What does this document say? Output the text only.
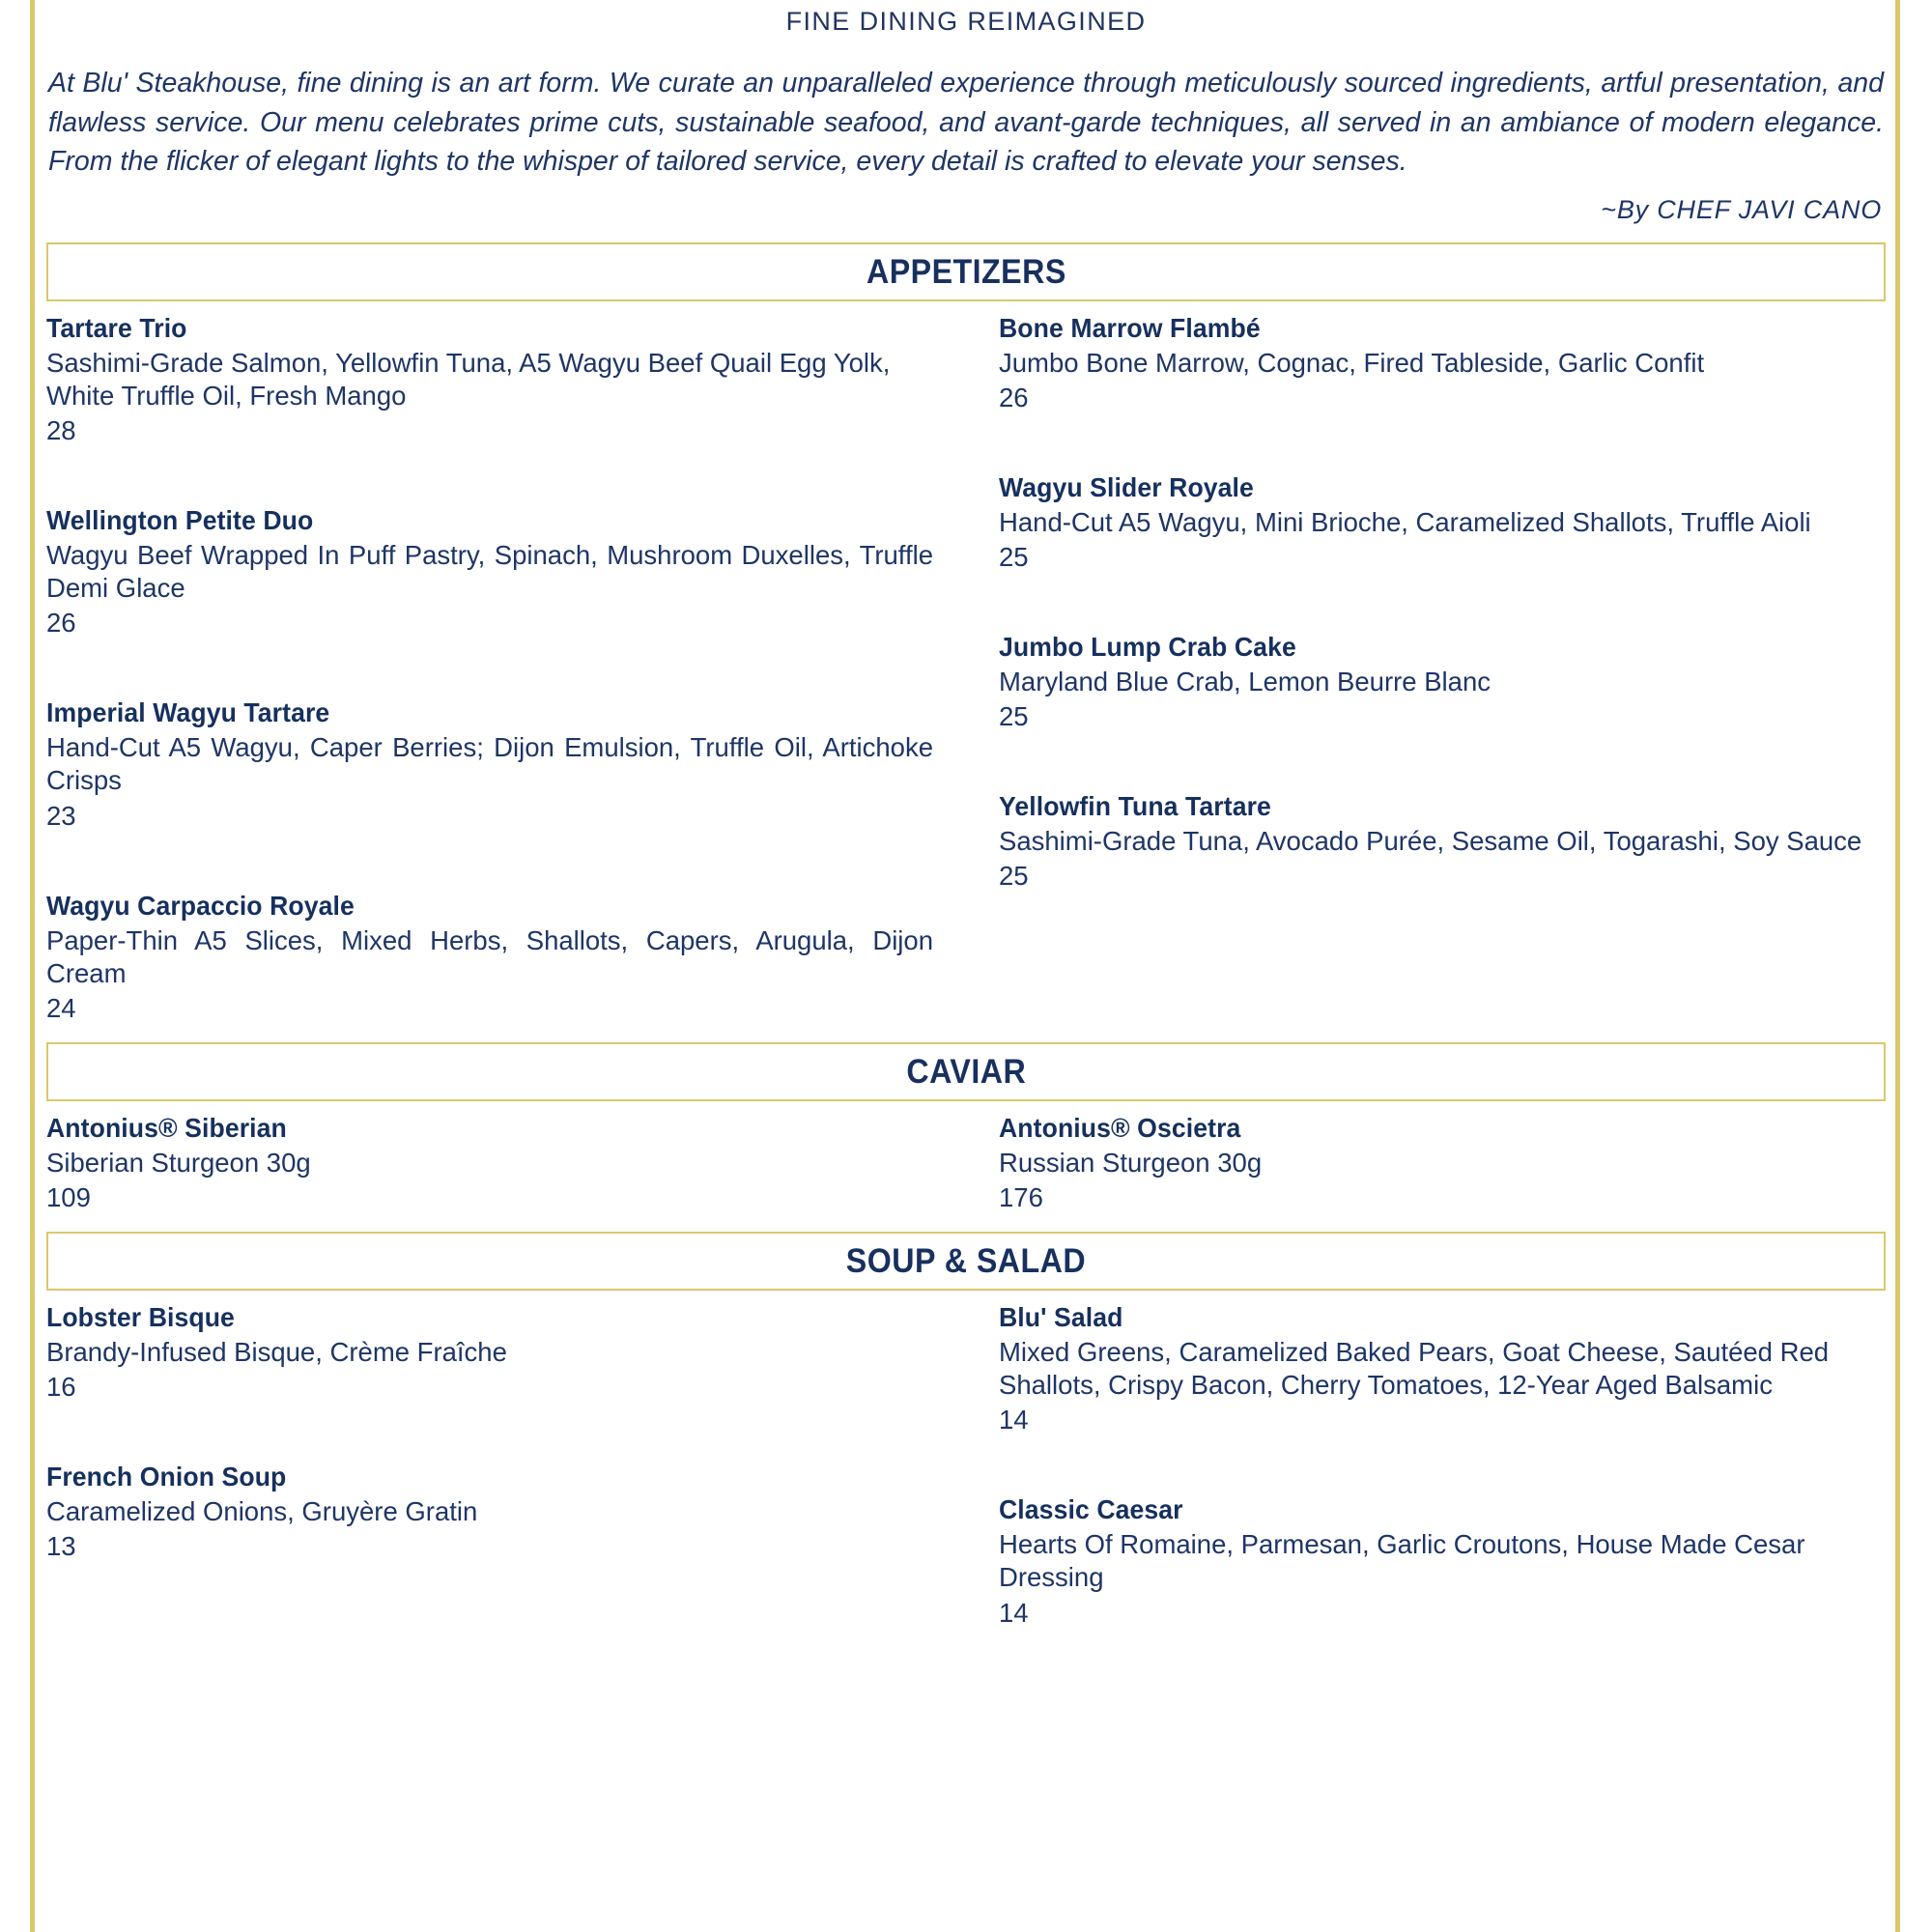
FINE DINING REIMAGINED
At Blu' Steakhouse, fine dining is an art form. We curate an unparalleled experience through meticulously sourced ingredients, artful presentation, and flawless service. Our menu celebrates prime cuts, sustainable seafood, and avant-garde techniques, all served in an ambiance of modern elegance. From the flicker of elegant lights to the whisper of tailored service, every detail is crafted to elevate your senses.
~By CHEF JAVI CANO
APPETIZERS
Tartare Trio
Sashimi-Grade Salmon, Yellowfin Tuna, A5 Wagyu Beef Quail Egg Yolk, White Truffle Oil, Fresh Mango
28
Wellington Petite Duo
Wagyu Beef Wrapped In Puff Pastry, Spinach, Mushroom Duxelles, Truffle Demi Glace
26
Imperial Wagyu Tartare
Hand-Cut A5 Wagyu, Caper Berries; Dijon Emulsion, Truffle Oil, Artichoke Crisps
23
Wagyu Carpaccio Royale
Paper-Thin A5 Slices, Mixed Herbs, Shallots, Capers, Arugula, Dijon Cream
24
Bone Marrow Flambé
Jumbo Bone Marrow, Cognac, Fired Tableside, Garlic Confit
26
Wagyu Slider Royale
Hand-Cut A5 Wagyu, Mini Brioche, Caramelized Shallots, Truffle Aioli
25
Jumbo Lump Crab Cake
Maryland Blue Crab, Lemon Beurre Blanc
25
Yellowfin Tuna Tartare
Sashimi-Grade Tuna, Avocado Purée, Sesame Oil, Togarashi, Soy Sauce
25
CAVIAR
Antonius® Siberian
Siberian Sturgeon 30g
109
Antonius® Oscietra
Russian Sturgeon 30g
176
SOUP & SALAD
Lobster Bisque
Brandy-Infused Bisque, Crème Fraîche
16
French Onion Soup
Caramelized Onions, Gruyère Gratin
13
Blu' Salad
Mixed Greens, Caramelized Baked Pears, Goat Cheese, Sautéed Red Shallots, Crispy Bacon, Cherry Tomatoes, 12-Year Aged Balsamic
14
Classic Caesar
Hearts Of Romaine, Parmesan, Garlic Croutons, House Made Cesar Dressing
14
